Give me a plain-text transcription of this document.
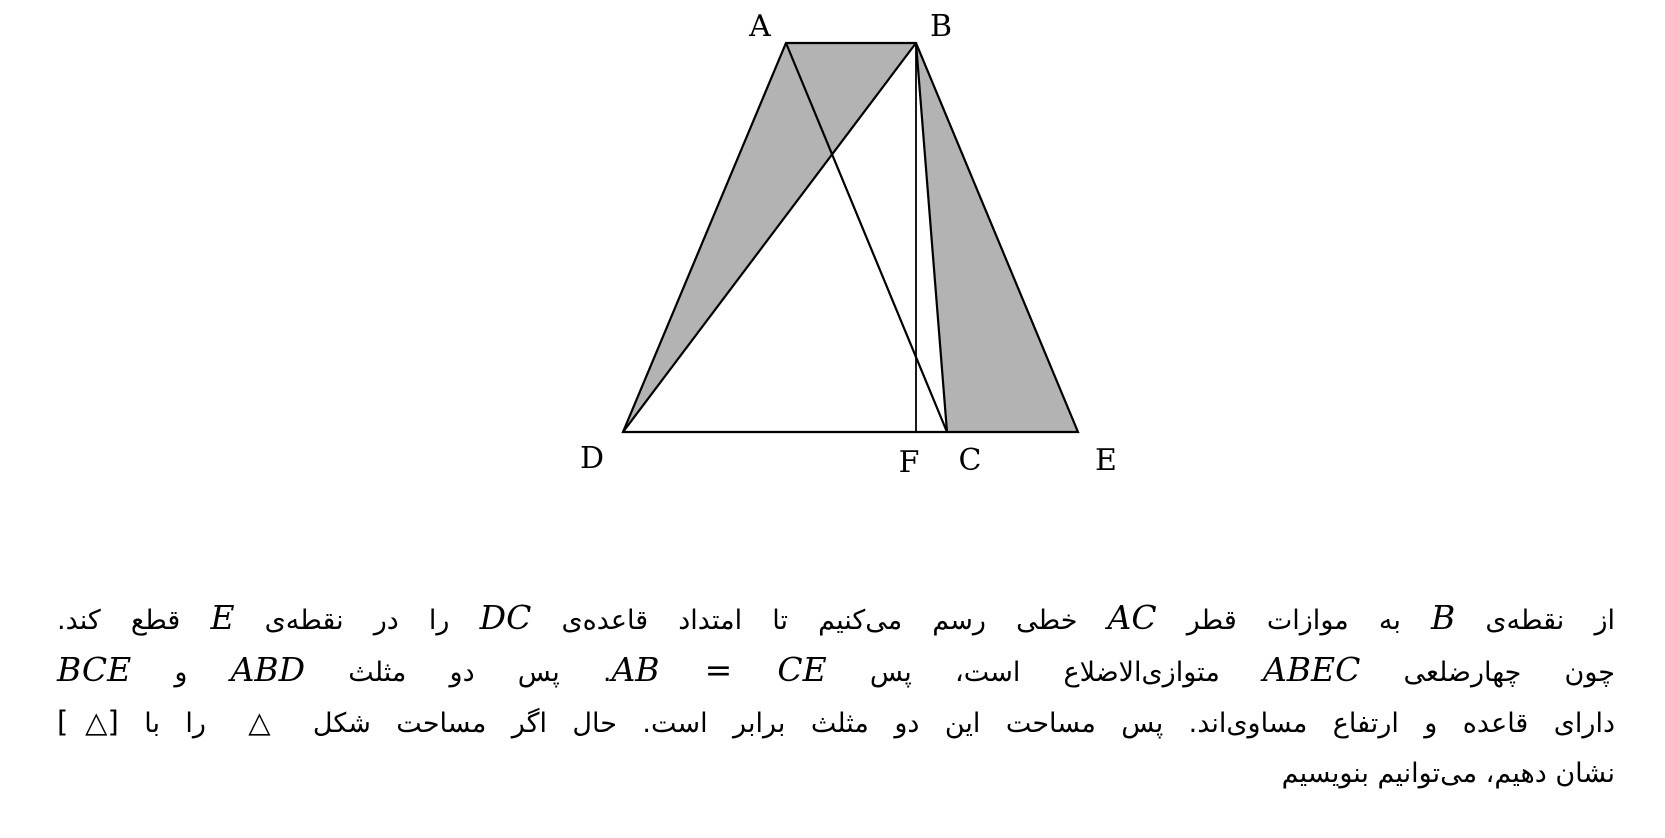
A	B
D	F C	E
از نقطه‌ی B به موازات قطر AC خطی رسم می‌کنیم تا امتداد قاعده‌ی DC را در نقطه‌ی E قطع کند.
چون چهارضلعی ABEC متوازی‌الاضلاع است، پس AB = CE. پس دو مثلث ABD و BCE
دارای قاعده و ارتفاع مساوی‌اند. پس مساحت این دو مثلث برابر است. حال اگر مساحت شکل △ را با [△]
نشان دهیم، می‌توانیم بنویسیم
